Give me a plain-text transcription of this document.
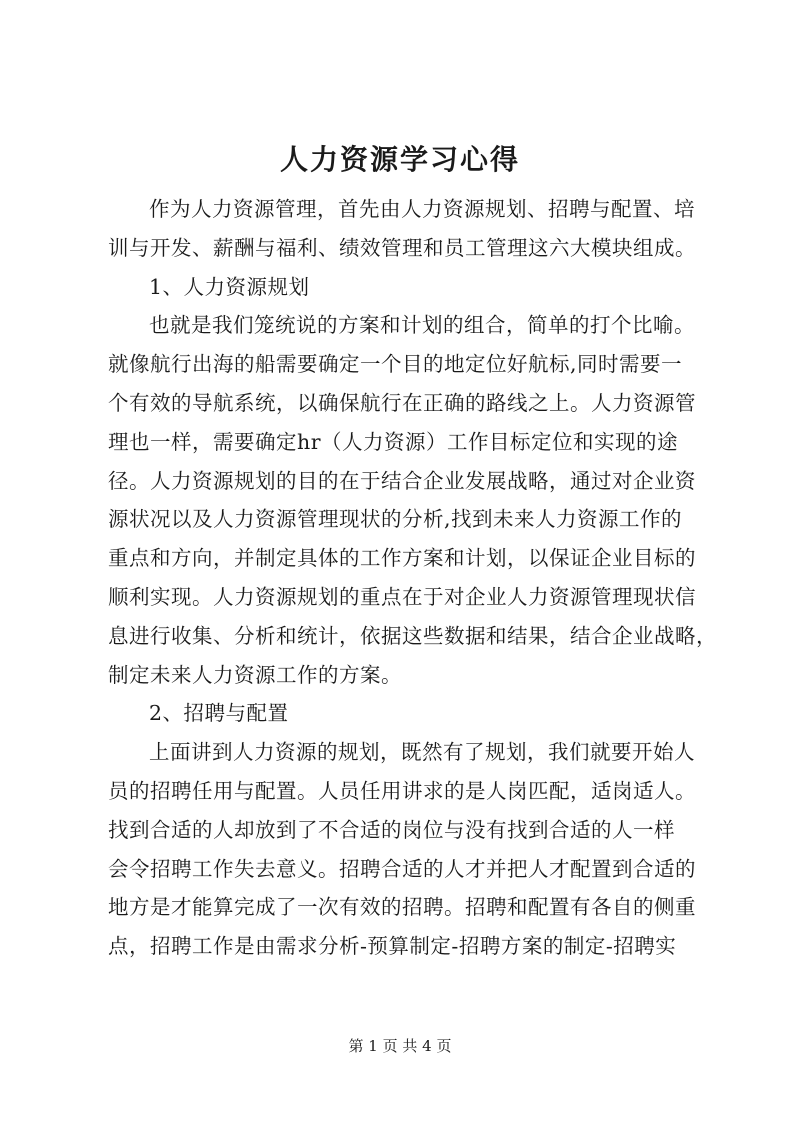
人力资源学习心得
作为人力资源管理，首先由人力资源规划、招聘与配置、培
训与开发、薪酬与福利、绩效管理和员工管理这六大模块组成。
1、人力资源规划
也就是我们笼统说的方案和计划的组合，简单的打个比喻。
就像航行出海的船需要确定一个目的地定位好航标,同时需要一
个有效的导航系统，以确保航行在正确的路线之上。人力资源管
理也一样，需要确定hr（人力资源）工作目标定位和实现的途
径。人力资源规划的目的在于结合企业发展战略，通过对企业资
源状况以及人力资源管理现状的分析,找到未来人力资源工作的
重点和方向，并制定具体的工作方案和计划，以保证企业目标的
顺利实现。人力资源规划的重点在于对企业人力资源管理现状信
息进行收集、分析和统计，依据这些数据和结果，结合企业战略，
制定未来人力资源工作的方案。
2、招聘与配置
上面讲到人力资源的规划，既然有了规划，我们就要开始人
员的招聘任用与配置。人员任用讲求的是人岗匹配，适岗适人。
找到合适的人却放到了不合适的岗位与没有找到合适的人一样
会令招聘工作失去意义。招聘合适的人才并把人才配置到合适的
地方是才能算完成了一次有效的招聘。招聘和配置有各自的侧重
点，招聘工作是由需求分析-预算制定-招聘方案的制定-招聘实
第 1 页 共 4 页
